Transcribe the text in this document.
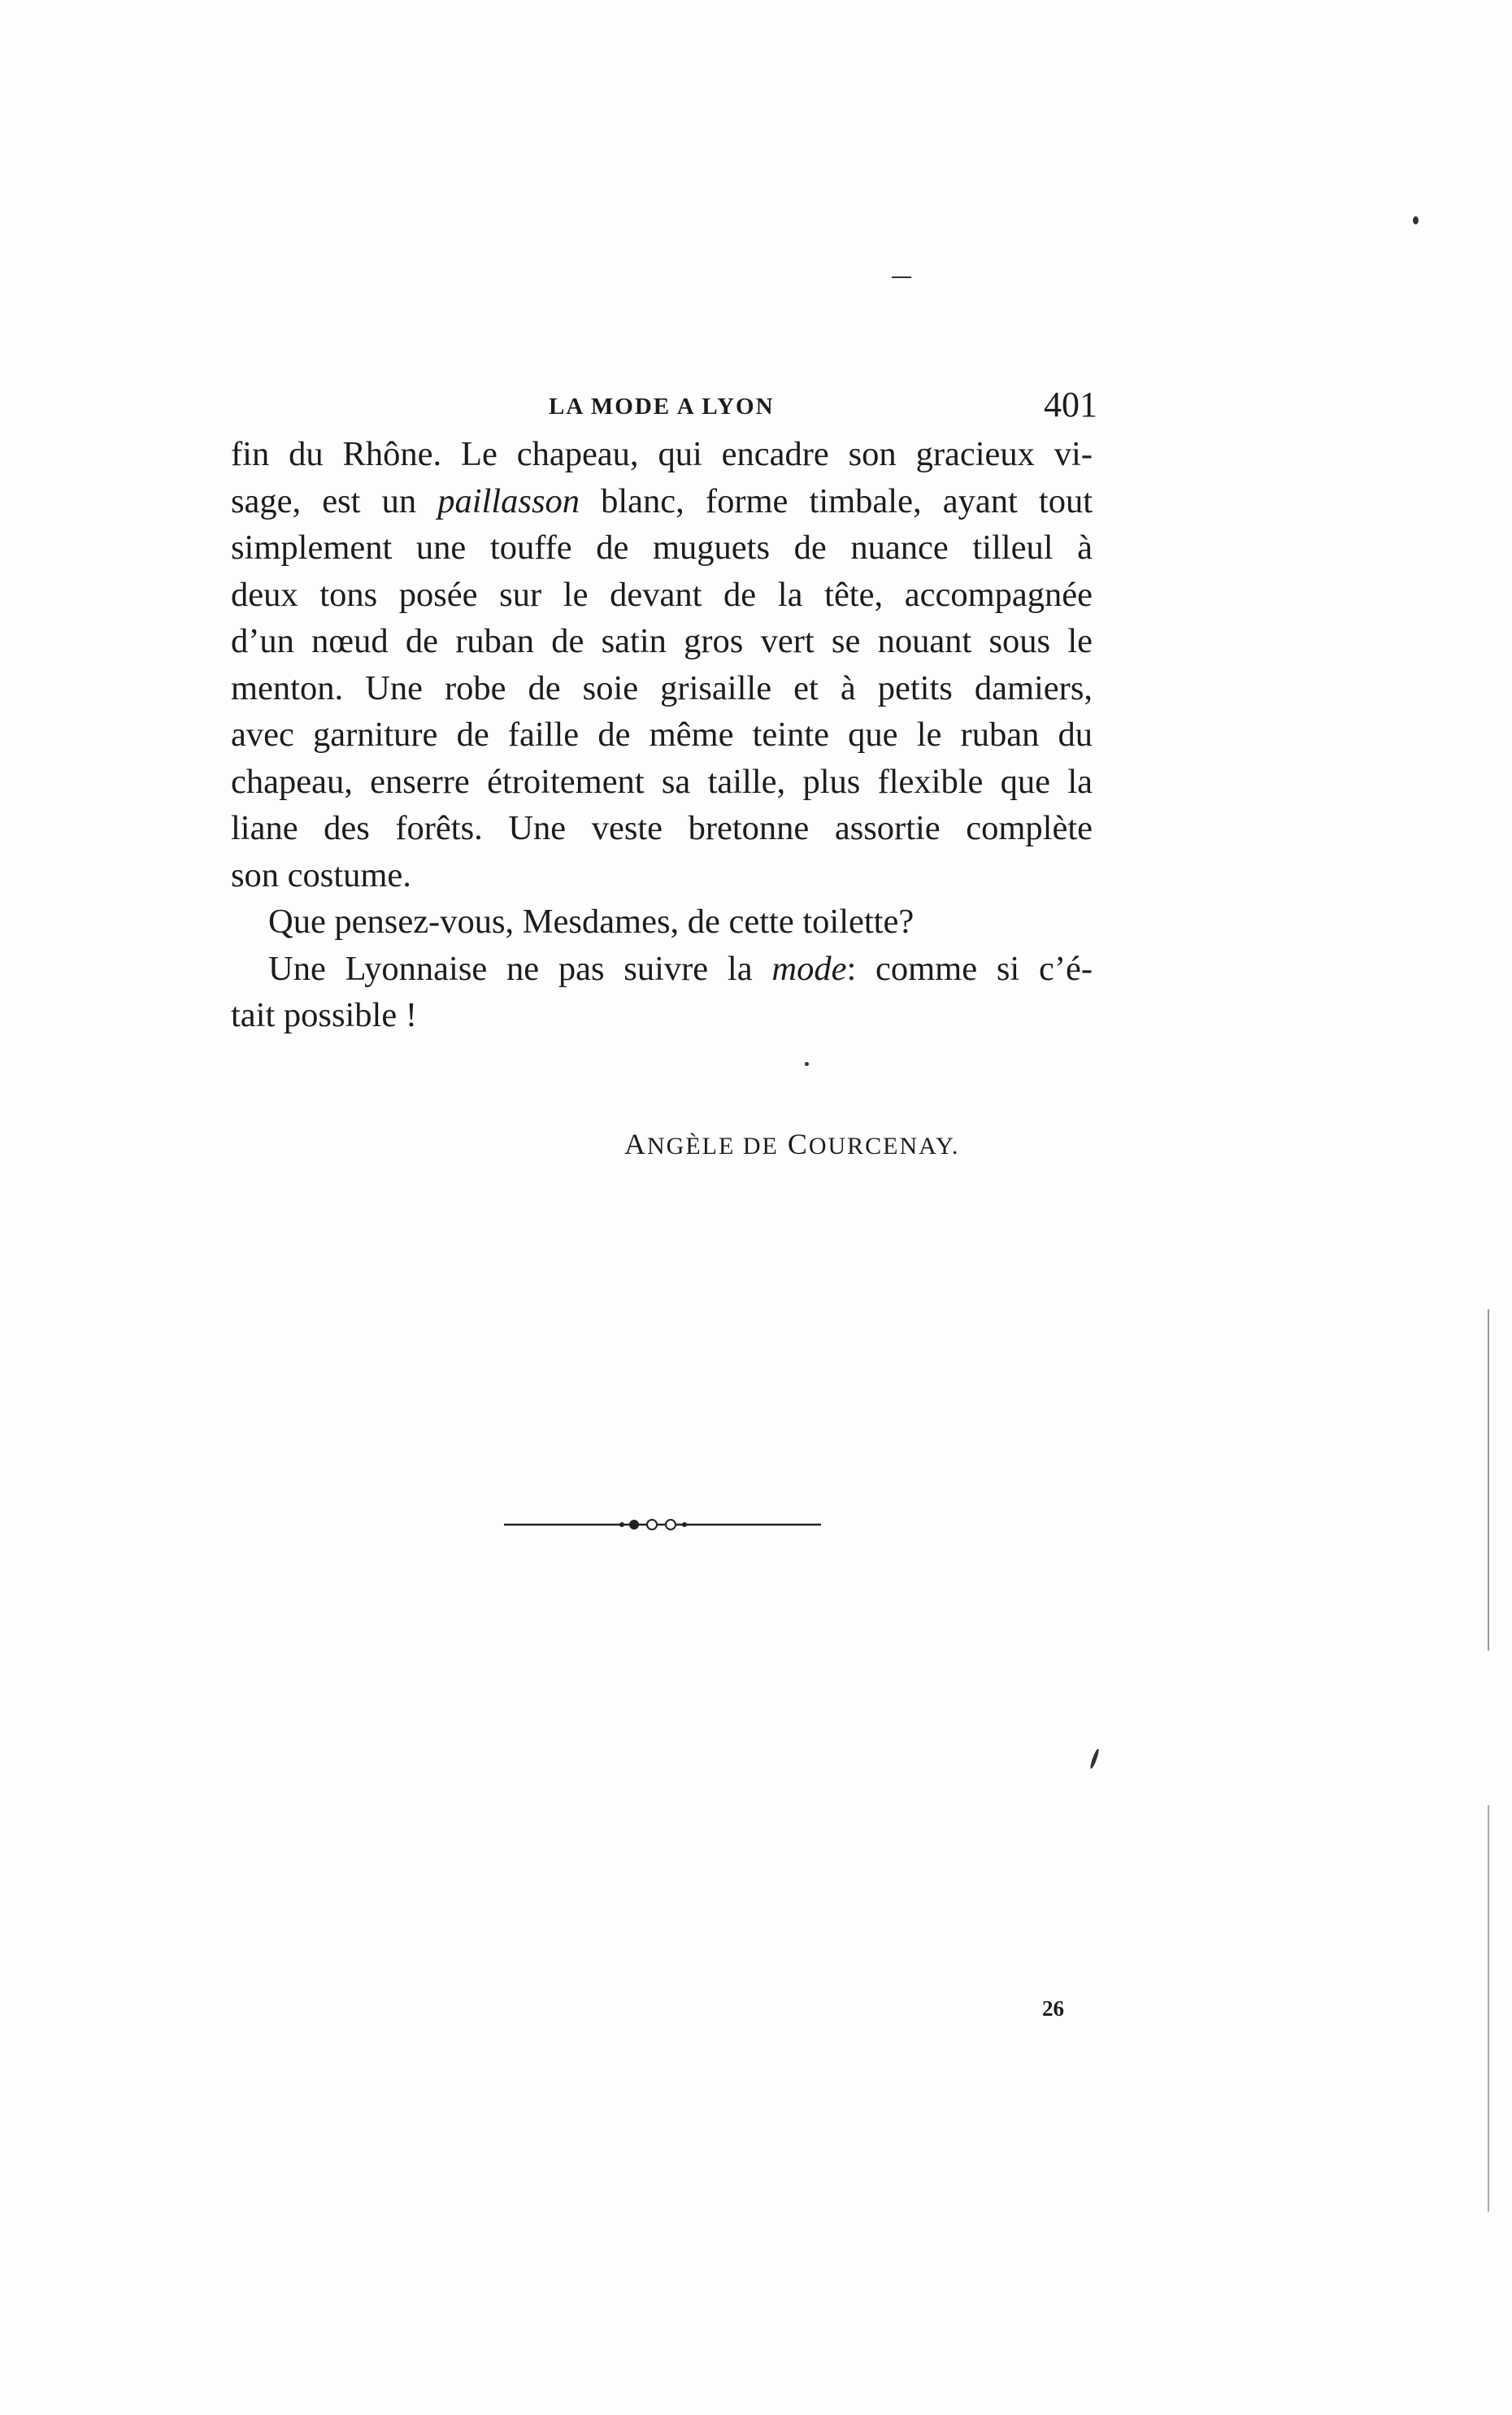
LA MODE A LYON	401

fin du Rhône. Le chapeau, qui encadre son gracieux vi-
sage, est un paillasson blanc, forme timbale, ayant tout
simplement une touffe de muguets de nuance tilleul à
deux tons posée sur le devant de la tête, accompagnée
d’un nœud de ruban de satin gros vert se nouant sous le
menton. Une robe de soie grisaille et à petits damiers,
avec garniture de faille de même teinte que le ruban du
chapeau, enserre étroitement sa taille, plus flexible que la
liane des forêts. Une veste bretonne assortie complète
son costume.

Que pensez-vous, Mesdames, de cette toilette?

Une Lyonnaise ne pas suivre la mode: comme si c’é-
tait possible !

ANGÈLE DE COURCENAY.
26
